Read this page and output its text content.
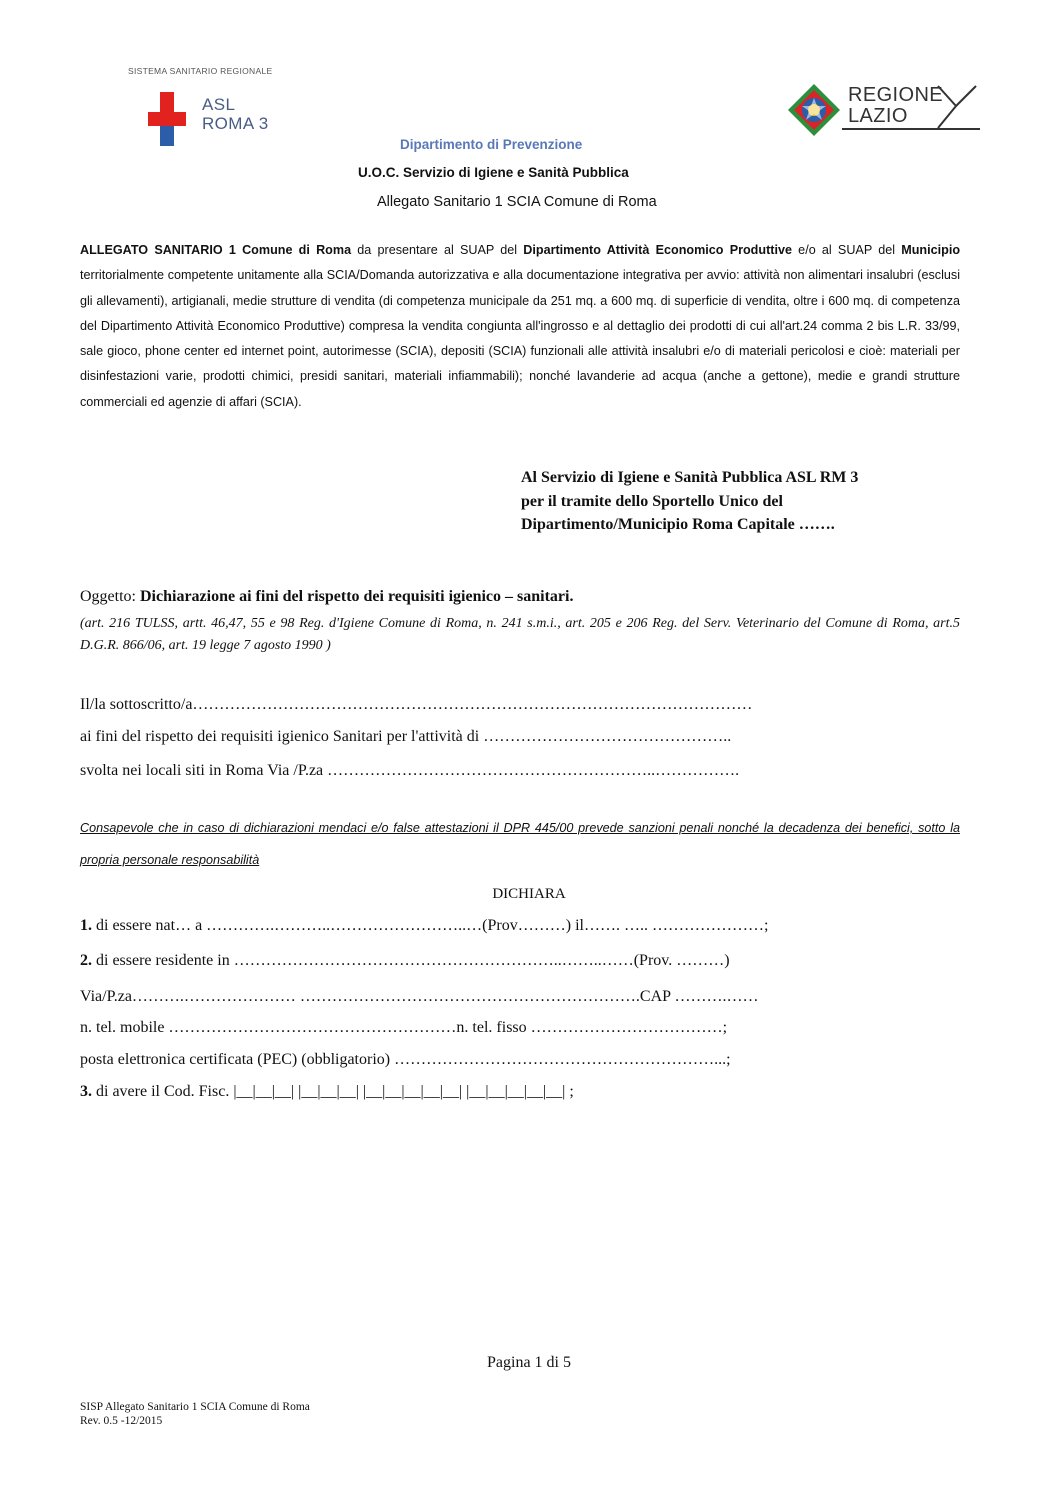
SISTEMA SANITARIO REGIONALE
ASL
ROMA 3
REGIONE
LAZIO
Dipartimento di Prevenzione
U.O.C. Servizio di Igiene e Sanità Pubblica
Allegato Sanitario 1 SCIA Comune di Roma
ALLEGATO SANITARIO 1 Comune di Roma da presentare al SUAP del Dipartimento Attività Economico Produttive e/o al SUAP del Municipio territorialmente competente unitamente alla SCIA/Domanda autorizzativa e alla documentazione integrativa per avvio: attività non alimentari insalubri (esclusi gli allevamenti), artigianali, medie strutture di vendita (di competenza municipale da 251 mq. a 600 mq. di superficie di vendita, oltre i 600 mq. di competenza del Dipartimento Attività Economico Produttive) compresa la vendita congiunta all'ingrosso e al dettaglio dei prodotti di cui all'art.24 comma 2 bis L.R. 33/99, sale gioco, phone center ed internet point, autorimesse (SCIA), depositi (SCIA) funzionali alle attività insalubri e/o di materiali pericolosi e cioè: materiali per disinfestazioni varie, prodotti chimici, presidi sanitari, materiali infiammabili); nonché lavanderie ad acqua (anche a gettone), medie e grandi strutture commerciali ed agenzie di affari (SCIA).
Al Servizio di Igiene e Sanità Pubblica ASL RM 3
per il tramite dello Sportello Unico del
Dipartimento/Municipio Roma Capitale …….
Oggetto: Dichiarazione ai fini del rispetto dei requisiti igienico – sanitari.
(art. 216 TULSS, artt. 46,47, 55 e 98 Reg. d'Igiene Comune di Roma, n. 241 s.m.i., art. 205 e 206 Reg. del Serv. Veterinario del Comune di Roma, art.5 D.G.R. 866/06, art. 19 legge 7 agosto 1990 )
Il/la sottoscritto/a……………………………………………………………………………………………
ai fini del rispetto dei requisiti igienico Sanitari per l'attività di ………………………………………..
svolta nei locali siti in Roma Via /P.za ……………………………………………………..…………….
Consapevole che in caso di dichiarazioni mendaci e/o false attestazioni il DPR 445/00 prevede sanzioni penali nonché la decadenza dei benefici, sotto la propria personale responsabilità
DICHIARA
1. di essere nat… a ………….………..……………………..…(Prov………) il……. ….. …………………;
2. di essere residente in ……………………………………………………..……..……(Prov. ………)
Via/P.za……….………………… ……………………………………………………….CAP ……….……
n. tel. mobile ………………………………………………n. tel. fisso ………………………………;
posta elettronica certificata (PEC) (obbligatorio) ……………………………………………………...;
3. di avere il Cod. Fisc. |__|__|__| |__|__|__| |__|__|__|__|__| |__|__|__|__|__| ;
Pagina 1 di 5
SISP Allegato Sanitario 1 SCIA Comune di Roma
Rev. 0.5 -12/2015
